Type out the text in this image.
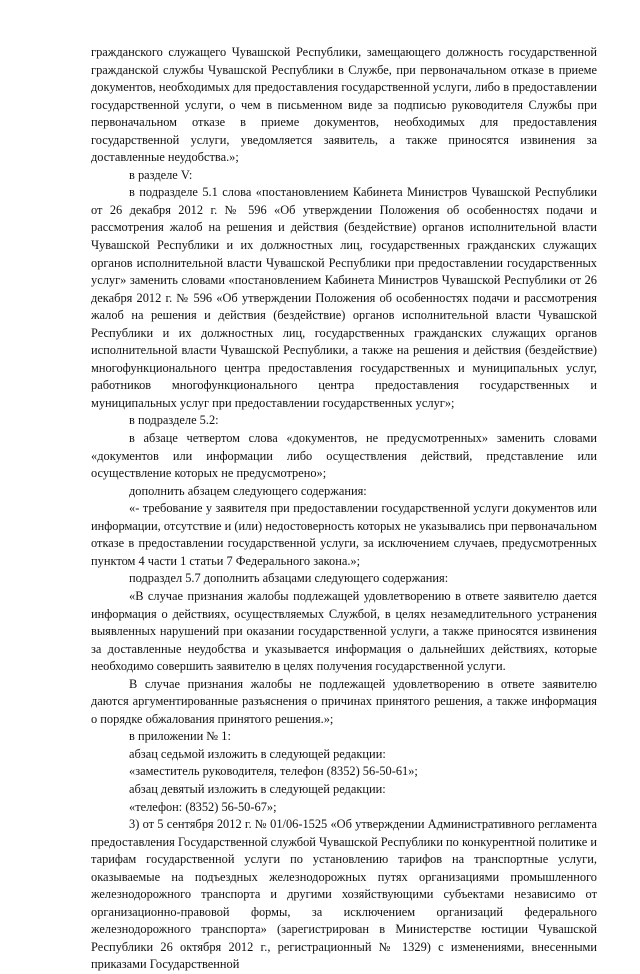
гражданского служащего Чувашской Республики, замещающего должность государственной гражданской службы Чувашской Республики в Службе, при первоначальном отказе в приеме документов, необходимых для предоставления государственной услуги, либо в предоставлении государственной услуги, о чем в письменном виде за подписью руководителя Службы при первоначальном отказе в приеме документов, необходимых для предоставления государственной услуги, уведомляется заявитель, а также приносятся извинения за доставленные неудобства.»;

в разделе V:

в подразделе 5.1 слова «постановлением Кабинета Министров Чувашской Республики от 26 декабря 2012 г. № 596 «Об утверждении Положения об особенностях подачи и рассмотрения жалоб на решения и действия (бездействие) органов исполнительной власти Чувашской Республики и их должностных лиц, государственных гражданских служащих органов исполнительной власти Чувашской Республики при предоставлении государственных услуг» заменить словами «постановлением Кабинета Министров Чувашской Республики от 26 декабря 2012 г. № 596 «Об утверждении Положения об особенностях подачи и рассмотрения жалоб на решения и действия (бездействие) органов исполнительной власти Чувашской Республики и их должностных лиц, государственных гражданских служащих органов исполнительной власти Чувашской Республики, а также на решения и действия (бездействие) многофункционального центра предоставления государственных и муниципальных услуг, работников многофункционального центра предоставления государственных и муниципальных услуг при предоставлении государственных услуг»;

в подразделе 5.2:

в абзаце четвертом слова «документов, не предусмотренных» заменить словами «документов или информации либо осуществления действий, представление или осуществление которых не предусмотрено»;

дополнить абзацем следующего содержания:

«- требование у заявителя при предоставлении государственной услуги документов или информации, отсутствие и (или) недостоверность которых не указывались при первоначальном отказе в предоставлении государственной услуги, за исключением случаев, предусмотренных пунктом 4 части 1 статьи 7 Федерального закона.»;

подраздел 5.7 дополнить абзацами следующего содержания:

«В случае признания жалобы подлежащей удовлетворению в ответе заявителю дается информация о действиях, осуществляемых Службой, в целях незамедлительного устранения выявленных нарушений при оказании государственной услуги, а также приносятся извинения за доставленные неудобства и указывается информация о дальнейших действиях, которые необходимо совершить заявителю в целях получения государственной услуги.

В случае признания жалобы не подлежащей удовлетворению в ответе заявителю даются аргументированные разъяснения о причинах принятого решения, а также информация о порядке обжалования принятого решения.»;

в приложении № 1:

абзац седьмой изложить в следующей редакции:

«заместитель руководителя, телефон (8352) 56-50-61»;

абзац девятый изложить в следующей редакции:

«телефон: (8352) 56-50-67»;

3) от 5 сентября 2012 г. № 01/06-1525 «Об утверждении Административного регламента предоставления Государственной службой Чувашской Республики по конкурентной политике и тарифам государственной услуги по установлению тарифов на транспортные услуги, оказываемые на подъездных железнодорожных путях организациями промышленного железнодорожного транспорта и другими хозяйствующими субъектами независимо от организационно-правовой формы, за исключением организаций федерального железнодорожного транспорта» (зарегистрирован в Министерстве юстиции Чувашской Республики 26 октября 2012 г., регистрационный № 1329) с изменениями, внесенными приказами Государственной
